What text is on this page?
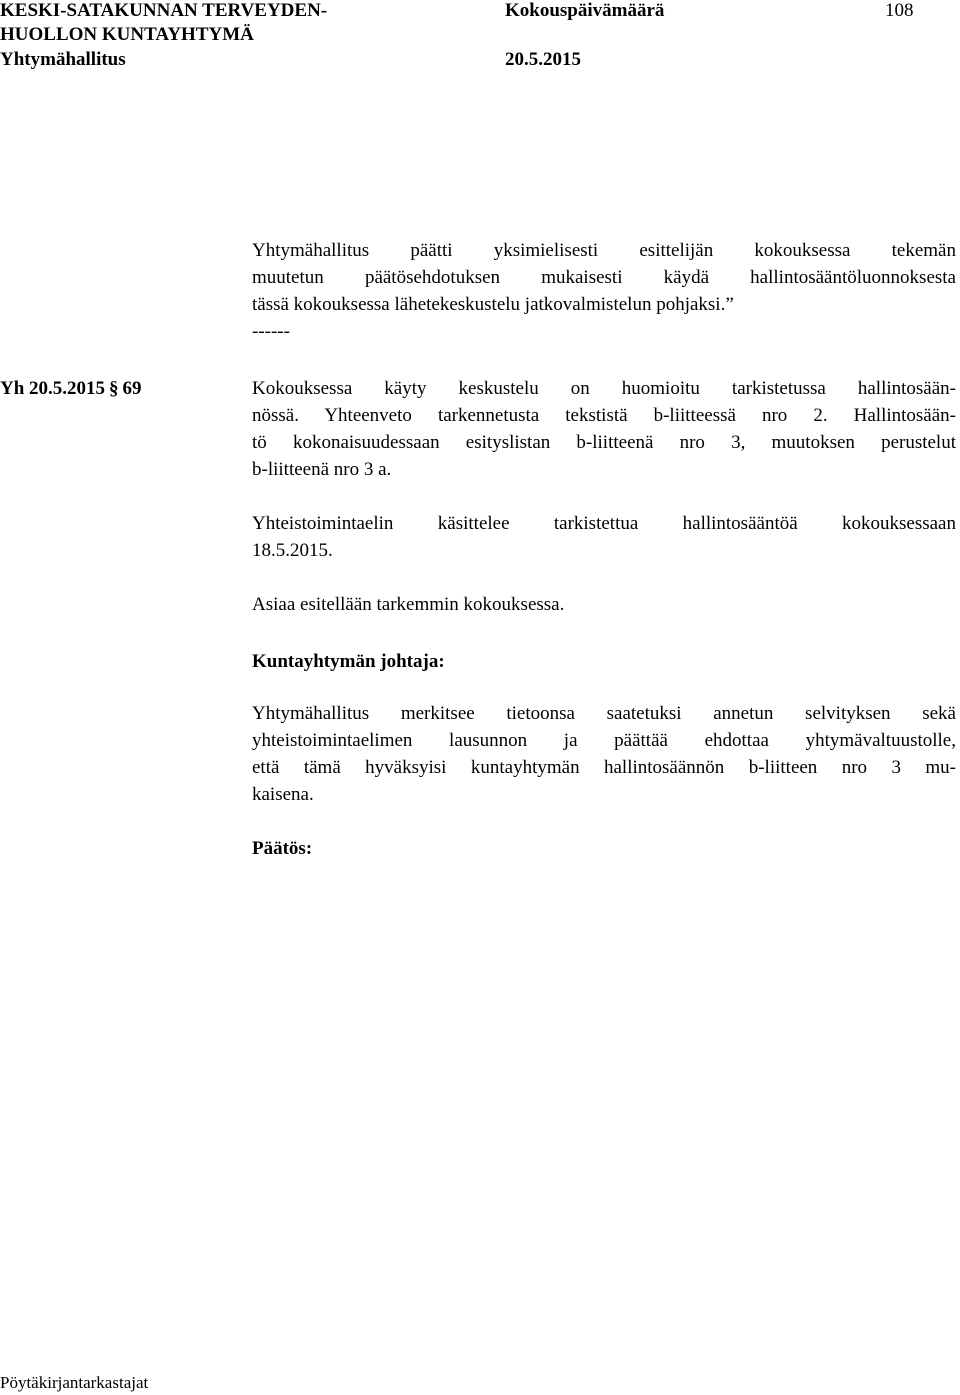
KESKI-SATAKUNNAN TERVEYDEN-
HUOLLON KUNTAYHTYMÄ
Yhtymähallitus
Kokouspäivämäärä
20.5.2015
108
Yhtymähallitus päätti yksimielisesti esittelijän kokouksessa tekemän
muutetun päätösehdotuksen mukaisesti käydä hallintosääntöluonnoksesta
tässä kokouksessa lähetekeskustelu jatkovalmistelun pohjaksi.”
------
Yh 20.5.2015 § 69	Kokouksessa käyty keskustelu on huomioitu tarkistetussa hallintosään-
nössä. Yhteenveto tarkennetusta tekstistä b-liitteessä nro 2. Hallintosään-
tö kokonaisuudessaan esityslistan b-liitteenä nro 3, muutoksen perustelut
b-liitteenä nro 3 a.
Yhteistoimintaelin käsittelee tarkistettua hallintosääntöä kokouksessaan
18.5.2015.
Asiaa esitellään tarkemmin kokouksessa.
Kuntayhtymän johtaja:
Yhtymähallitus merkitsee tietoonsa saatetuksi annetun selvityksen sekä
yhteistoimintaelimen lausunnon ja päättää ehdottaa yhtymävaltuustolle,
että tämä hyväksyisi kuntayhtymän hallintosäännön b-liitteen nro 3 mu-
kaisena.
Päätös:
Pöytäkirjantarkastajat
